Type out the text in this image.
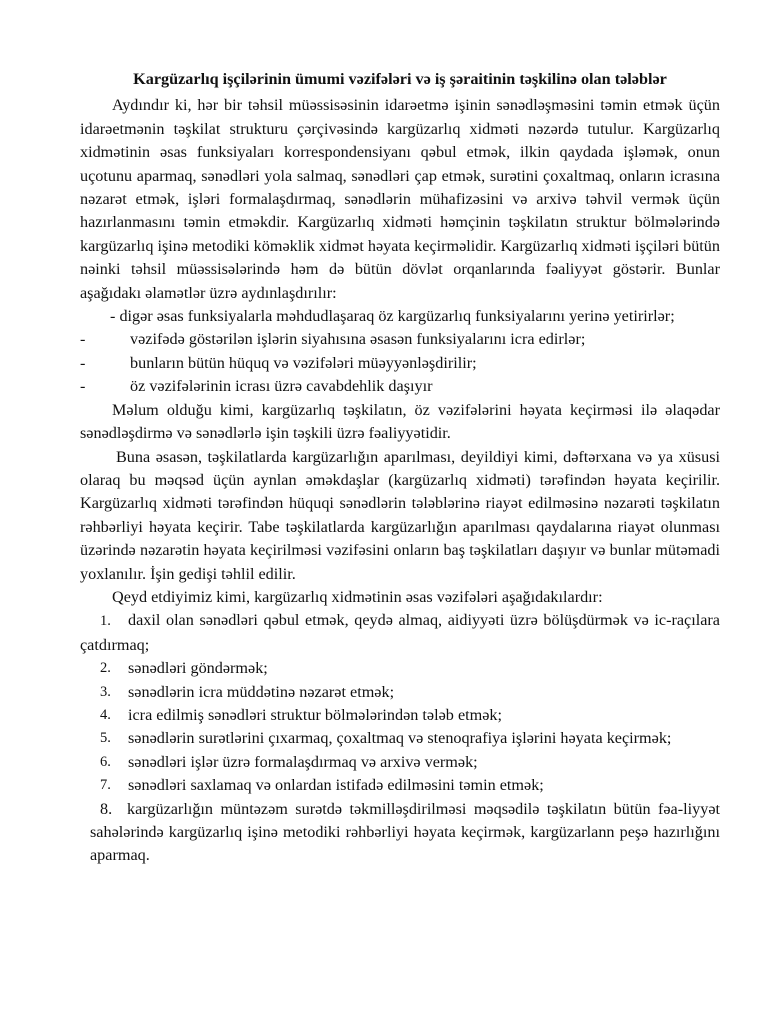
Kargüzarlıq işçilərinin ümumi vəzifələri və iş şəraitinin təşkilinə olan tələblər

Aydındır ki, hər bir təhsil müəssisəsinin idarəetmə işinin sənədləşməsini təmin etmək üçün idarəetmənin təşkilat strukturu çərçivəsində kargüzarlıq xidməti nəzərdə tutulur. Kargüzarlıq xidmətinin əsas funksiyaları korrespondensiyanı qəbul etmək, ilkin qaydada işləmək, onun uçotunu aparmaq, sənədləri yola salmaq, sənədləri çap etmək, surətini çoxaltmaq, onların icrasına nəzarət etmək, işləri formalaşdırmaq, sənədlərin mühafizəsini və arxivə təhvil vermək üçün hazırlanmasını təmin etməkdir. Kargüzarlıq xidməti həmçinin təşkilatın struktur bölmələrində kargüzarlıq işinə metodiki köməklik xidmət həyata keçirməlidir. Kargüzarlıq xidməti işçiləri bütün nəinki təhsil müəssisələrində həm də bütün dövlət orqanlarında fəaliyyət göstərir. Bunlar aşağıdakı əlamətlər üzrə aydınlaşdırılır:

- digər əsas funksiyalarla məhdudlaşaraq öz kargüzarlıq funksiyalarını yerinə yetirirlər;

-	vəzifədə göstərilən işlərin siyahısına əsasən funksiyalarını icra edirlər;
-	bunların bütün hüquq və vəzifələri müəyyənləşdirilir;
-	öz vəzifələrinin icrası üzrə cavabdehlik daşıyır

Məlum olduğu kimi, kargüzarlıq təşkilatın, öz vəzifələrini həyata keçirməsi ilə əlaqədar sənədləşdirmə və sənədlərlə işin təşkili üzrə fəaliyyətidir.

Buna əsasən, təşkilatlarda kargüzarlığın aparılması, deyildiyi kimi, dəftərxana və ya xüsusi olaraq bu məqsəd üçün aynlan əməkdaşlar (kargüzarlıq xidməti) tərəfindən həyata keçirilir. Kargüzarlıq xidməti tərəfindən hüquqi sənədlərin tələblərinə riayət edilməsinə nəzarəti təşkilatın rəhbərliyi həyata keçirir. Tabe təşkilatlarda kargüzarlığın aparılması qaydalarına riayət olunması üzərində nəzarətin həyata keçirilməsi vəzifəsini onların baş təşkilatları daşıyır və bunlar mütəmadi yoxlanılır. İşin gedişi təhlil edilir.

Qeyd etdiyimiz kimi, kargüzarlıq xidmətinin əsas vəzifələri aşağıdakılardır:

1. daxil olan sənədləri qəbul etmək, qeydə almaq, aidiyyəti üzrə bölüşdürmək və ic-raçılara çatdırmaq;

2.	sənədləri göndərmək;
3.	sənədlərin icra müddətinə nəzarət etmək;
4.	icra edilmiş sənədləri struktur bölmələrindən tələb etmək;
5.	sənədlərin surətlərini çıxarmaq, çoxaltmaq və stenoqrafiya işlərini həyata keçirmək;
6.	sənədləri işlər üzrə formalaşdırmaq və arxivə vermək;
7.	sənədləri saxlamaq və onlardan istifadə edilməsini təmin etmək;

8. kargüzarlığın müntəzəm surətdə təkmilləşdirilməsi məqsədilə təşkilatın bütün fəa-liyyət sahələrində kargüzarlıq işinə metodiki rəhbərliyi həyata keçirmək, kargüzarlann peşə hazırlığını aparmaq.
